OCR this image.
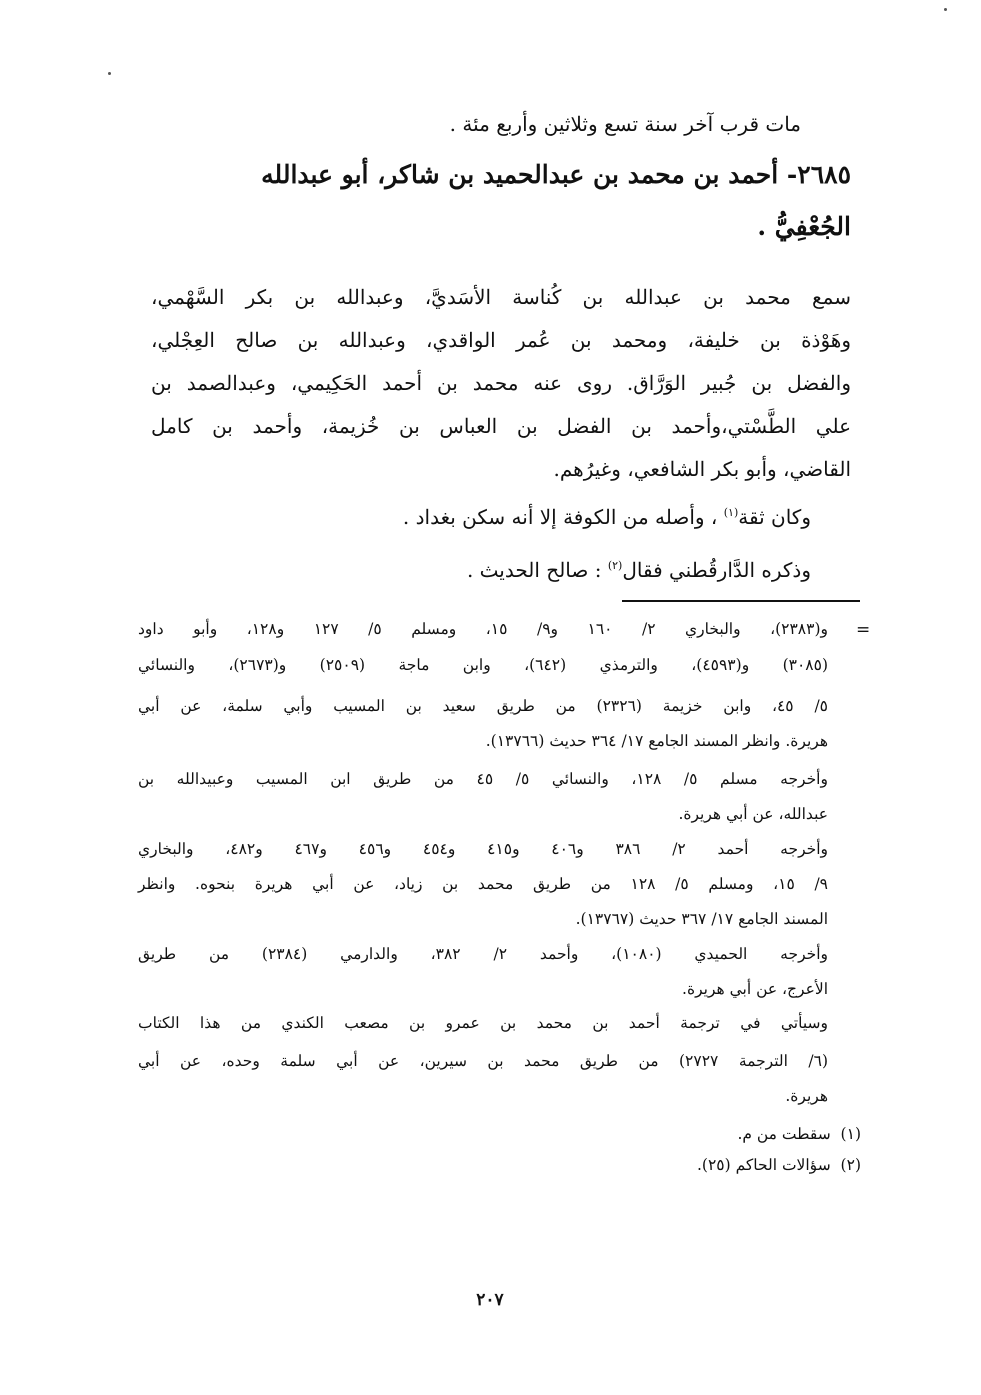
مات قرب آخر سنة تسع وثلاثين وأربع مئة .
٢٦٨٥- أحمد بن محمد بن عبدالحميد بن شاكر، أبو عبدالله
الجُعْفِيُّ .
سمع محمد بن عبدالله بن كُناسة الأسَديَّ، وعبدالله بن بكر السَّهْمي،
وهَوْذة بن خليفة، ومحمد بن عُمر الواقدي، وعبدالله بن صالح العِجْلي،
والفضل بن جُبير الوَرَّاق. روى عنه محمد بن أحمد الحَكِيمي، وعبدالصمد بن
علي الطَّسْتي،وأحمد بن الفضل بن العباس بن خُزيمة، وأحمد بن كامل
القاضي، وأبو بكر الشافعي، وغيرُهم.
وكان ثقة$^{(١)}$ ، وأصله من الكوفة إلا أنه سكن بغداد .
وذكره الدَّارقُطني فقال$^{(٢)}$ : صالح الحديث .
=
و(٢٣٨٣)، والبخاري ٢/ ١٦٠ و٩/ ١٥، ومسلم ٥/ ١٢٧ و١٢٨، وأبو داود
(٣٠٨٥) و(٤٥٩٣)، والترمذي (٦٤٢)، وابن ماجة (٢٥٠٩) و(٢٦٧٣)، والنسائي
٥/ ٤٥، وابن خزيمة (٢٣٢٦) من طريق سعيد بن المسيب وأبي سلمة، عن أبي
هريرة. وانظر المسند الجامع ١٧/ ٣٦٤ حديث (١٣٧٦٦).
وأخرجه مسلم ٥/ ١٢٨، والنسائي ٥/ ٤٥ من طريق ابن المسيب وعبيدالله بن
عبدالله، عن أبي هريرة.
وأخرجه أحمد ٢/ ٣٨٦ و٤٠٦ و٤١٥ و٤٥٤ و٤٥٦ و٤٦٧ و٤٨٢، والبخاري
٩/ ١٥، ومسلم ٥/ ١٢٨ من طريق محمد بن زياد، عن أبي هريرة بنحوه. وانظر
المسند الجامع ١٧/ ٣٦٧ حديث (١٣٧٦٧).
وأخرجه الحميدي (١٠٨٠)، وأحمد ٢/ ٣٨٢، والدارمي (٢٣٨٤) من طريق
الأعرج، عن أبي هريرة.
وسيأتي في ترجمة أحمد بن محمد بن عمرو بن مصعب الكندي من هذا الكتاب
(٦/ الترجمة ٢٧٢٧) من طريق محمد بن سيرين، عن أبي سلمة وحده، عن أبي
هريرة.
(١)  سقطت من م.
(٢)  سؤالات الحاكم (٢٥).
٢٠٧
